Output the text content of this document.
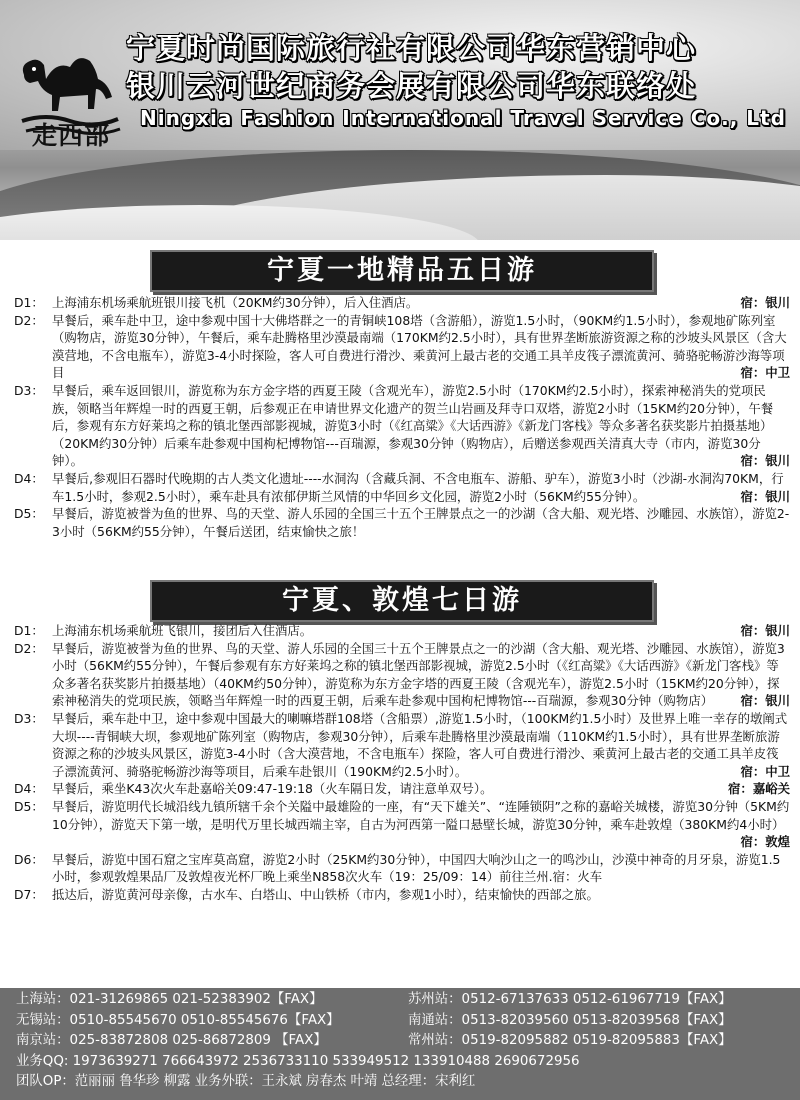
走西部
宁夏时尚国际旅行社有限公司华东营销中心
银川云河世纪商务会展有限公司华东联络处
Ningxia Fashion International Travel Service Co., Ltd
宁夏一地精品五日游
D1： 上海浦东机场乘航班银川接飞机（20KM约30分钟），后入住酒店。	宿：银川
D2： 早餐后，乘车赴中卫，途中参观中国十大佛塔群之一的青铜峡108塔（含游船），游览1.5小时，（90KM约1.5小时），参观地矿陈列室（购物店，游览30分钟），午餐后，乘车赴腾格里沙漠最南端（170KM约2.5小时），具有世界垄断旅游资源之称的沙坡头风景区（含大漠营地，不含电瓶车），游览3-4小时探险，客人可自费进行滑沙、乘黄河上最古老的交通工具羊皮筏子漂流黄河、骑骆驼畅游沙海等项目	宿：中卫
D3： 早餐后，乘车返回银川，游览称为东方金字塔的西夏王陵（含观光车），游览2.5小时（170KM约2.5小时），探索神秘消失的党项民族，领略当年辉煌一时的西夏王朝，后参观正在申请世界文化遗产的贺兰山岩画及拜寺口双塔，游览2小时（15KM约20分钟），午餐后，参观有东方好莱坞之称的镇北堡西部影视城，游览3小时（《红高粱》《大话西游》《新龙门客栈》等众多著名获奖影片拍摄基地）（20KM约30分钟）后乘车赴参观中国枸杞博物馆---百瑞源，参观30分钟（购物店），后赠送参观西关清真大寺（市内，游览30分钟）。	宿：银川
D4： 早餐后,参观旧石器时代晚期的古人类文化遗址----水洞沟（含藏兵洞、不含电瓶车、游船、驴车），游览3小时（沙湖-水洞沟70KM，行车1.5小时，参观2.5小时），乘车赴具有浓郁伊斯兰风情的中华回乡文化园，游览2小时（56KM约55分钟）。	宿：银川
D5： 早餐后，游览被誉为鱼的世界、鸟的天堂、游人乐园的全国三十五个王牌景点之一的沙湖（含大船、观光塔、沙雕园、水族馆），游览2-3小时（56KM约55分钟），午餐后送团，结束愉快之旅！
宁夏、敦煌七日游
D1： 上海浦东机场乘航班飞银川，接团后入住酒店。	宿：银川
D2： 早餐后，游览被誉为鱼的世界、鸟的天堂、游人乐园的全国三十五个王牌景点之一的沙湖（含大船、观光塔、沙雕园、水族馆），游览3小时（56KM约55分钟），午餐后参观有东方好莱坞之称的镇北堡西部影视城，游览2.5小时（《红高粱》《大话西游》《新龙门客栈》等众多著名获奖影片拍摄基地）（40KM约50分钟），游览称为东方金字塔的西夏王陵（含观光车），游览2.5小时（15KM约20分钟），探索神秘消失的党项民族，领略当年辉煌一时的西夏王朝，后乘车赴参观中国枸杞博物馆---百瑞源，参观30分钟（购物店） 宿：银川
D3： 早餐后，乘车赴中卫，途中参观中国最大的喇嘛塔群108塔（含船票）,游览1.5小时，（100KM约1.5小时）及世界上唯一幸存的墩阐式大坝----青铜峡大坝，参观地矿陈列室（购物店，参观30分钟），后乘车赴腾格里沙漠最南端（110KM约1.5小时），具有世界垄断旅游资源之称的沙坡头风景区，游览3-4小时（含大漠营地，不含电瓶车）探险，客人可自费进行滑沙、乘黄河上最古老的交通工具羊皮筏子漂流黄河、骑骆驼畅游沙海等项目，后乘车赴银川（190KM约2.5小时）。	宿：中卫
D4： 早餐后，乘坐K43次火车赴嘉峪关09:47-19:18（火车隔日发，请注意单双号）。	宿：嘉峪关
D5： 早餐后，游览明代长城沿线九镇所辖千余个关隘中最雄险的一座，有“天下雄关”、“连陲锁阴”之称的嘉峪关城楼，游览30分钟（5KM约10分钟），游览天下第一墩，是明代万里长城西端主宰，自古为河西第一隘口悬壁长城，游览30分钟，乘车赴敦煌（380KM约4小时）
宿：敦煌
D6： 早餐后，游览中国石窟之宝库莫高窟，游览2小时（25KM约30分钟），中国四大响沙山之一的鸣沙山，沙漠中神奇的月牙泉，游览1.5小时，参观敦煌果品厂及敦煌夜光杯厂晚上乘坐N858次火车（19：25/09：14）前往兰州.宿：火车
D7： 抵达后，游览黄河母亲像，古水车、白塔山、中山铁桥（市内，参观1小时），结束愉快的西部之旅。
上海站：021-31269865 021-52383902【FAX】	苏州站：0512-67137633 0512-61967719【FAX】
无锡站：0510-85545670 0510-85545676【FAX】	南通站：0513-82039560 0513-82039568【FAX】
南京站：025-83872808 025-86872809 【FAX】	常州站：0519-82095882 0519-82095883【FAX】
业务QQ: 1973639271 766643972 2536733110 533949512 133910488 2690672956
团队OP：范丽丽 鲁华珍 柳露 业务外联：王永斌 房春杰 叶靖 总经理：宋利红
